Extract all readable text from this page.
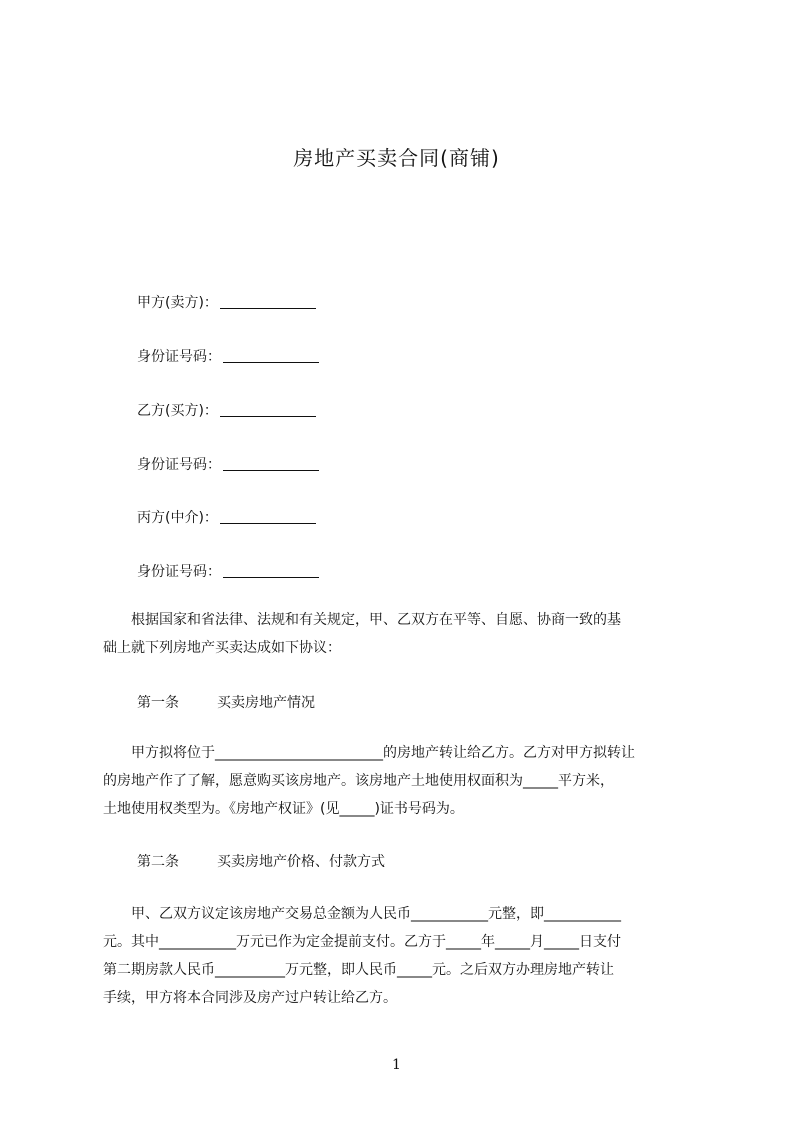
房地产买卖合同(商铺)
甲方(卖方)：
身份证号码：
乙方(买方)：
身份证号码：
丙方(中介)：
身份证号码：
　　根据国家和省法律、法规和有关规定，甲、乙双方在平等、自愿、协商一致的基
础上就下列房地产买卖达成如下协议：
第一条	买卖房地产情况
　　甲方拟将位于________________________的房地产转让给乙方。乙方对甲方拟转让
的房地产作了了解，愿意购买该房地产。该房地产土地使用权面积为_____平方米，
土地使用权类型为。《房地产权证》(见_____)证书号码为。
第二条	买卖房地产价格、付款方式
　　甲、乙双方议定该房地产交易总金额为人民币___________元整，即___________
元。其中___________万元已作为定金提前支付。乙方于_____年_____月_____日支付
第二期房款人民币__________万元整，即人民币_____元。之后双方办理房地产转让
手续，甲方将本合同涉及房产过户转让给乙方。
1
